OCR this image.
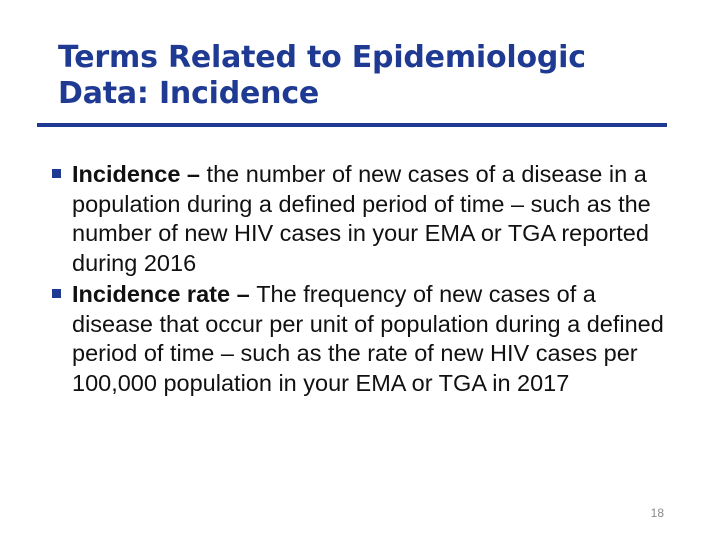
Terms Related to Epidemiologic Data: Incidence
Incidence – the number of new cases of a disease in a population during a defined period of time – such as the number of new HIV cases in your EMA or TGA reported during 2016
Incidence rate – The frequency of new cases of a disease that occur per unit of population during a defined period of time – such as the rate of new HIV cases per 100,000 population in your EMA or TGA in 2017
18
